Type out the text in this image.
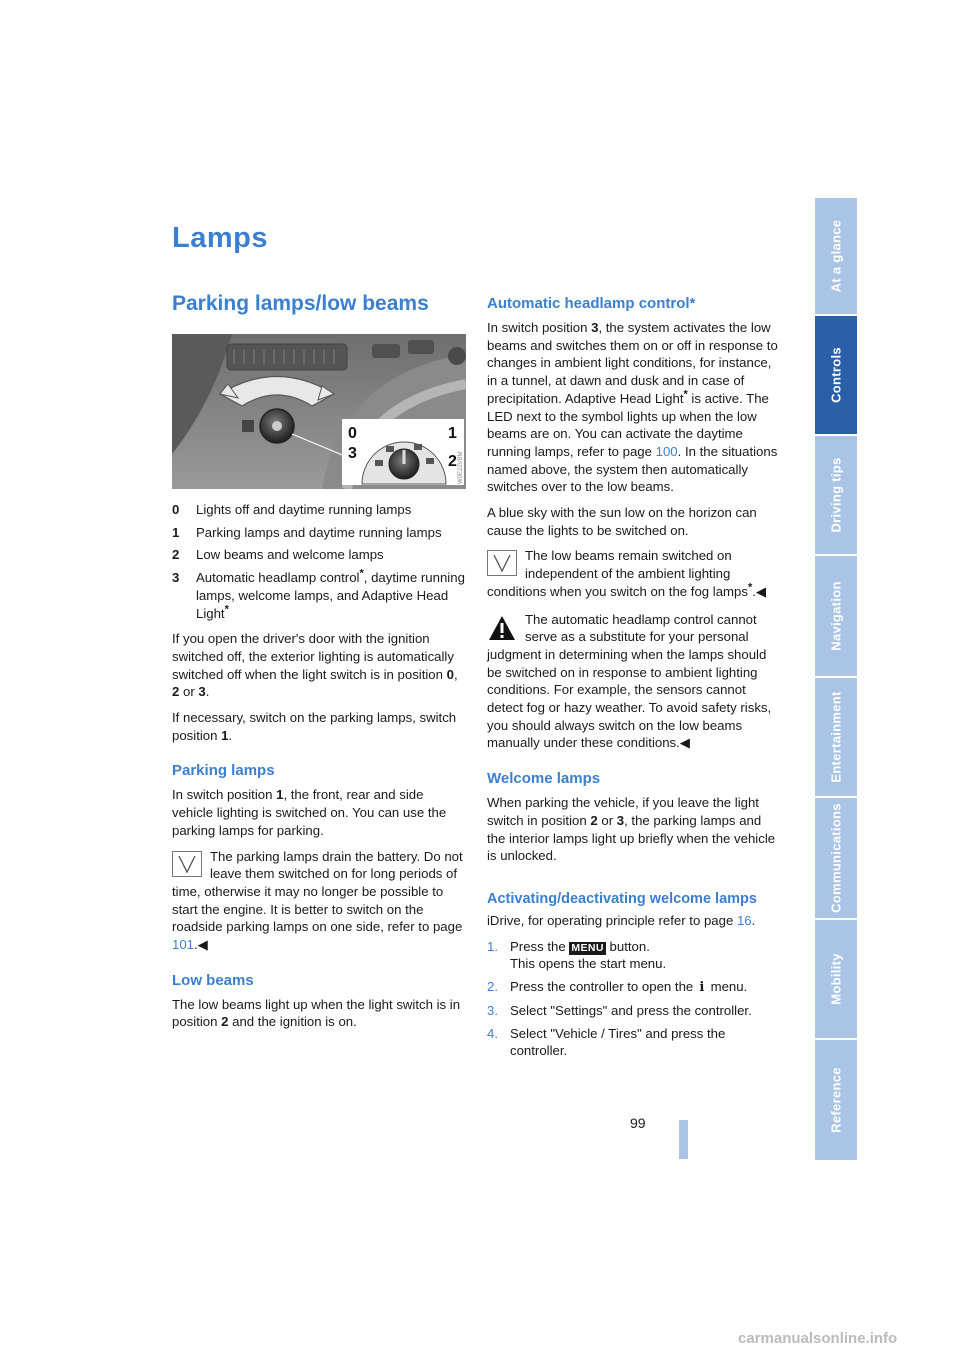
At a glance
Controls
Driving tips
Navigation
Entertainment
Communications
Mobility
Reference
Lamps
Parking lamps/low beams
0	1
3	2 W0E22VBM
0	Lights off and daytime running lamps
1	Parking lamps and daytime running lamps
2	Low beams and welcome lamps
3	Automatic headlamp control*, daytime running lamps, welcome lamps, and Adaptive Head Light*

If you open the driver's door with the ignition switched off, the exterior lighting is automatically switched off when the light switch is in position 0, 2 or 3.

If necessary, switch on the parking lamps, switch position 1.

Parking lamps

In switch position 1, the front, rear and side vehicle lighting is switched on. You can use the parking lamps for parking.

The parking lamps drain the battery. Do not leave them switched on for long periods of time, otherwise it may no longer be possible to start the engine. It is better to switch on the roadside parking lamps on one side, refer to page 101.◀
Low beams

The low beams light up when the light switch is in position 2 and the ignition is on.

Automatic headlamp control*

In switch position 3, the system activates the low beams and switches them on or off in response to changes in ambient light conditions, for instance, in a tunnel, at dawn and dusk and in case of precipitation. Adaptive Head Light* is active. The LED next to the symbol lights up when the low beams are on. You can activate the daytime running lamps, refer to page 100. In the situations named above, the system then automatically switches over to the low beams.

A blue sky with the sun low on the horizon can cause the lights to be switched on.

The low beams remain switched on independent of the ambient lighting conditions when you switch on the fog lamps*.◀
The automatic headlamp control cannot serve as a substitute for your personal judgment in determining when the lamps should be switched on in response to ambient lighting conditions. For example, the sensors cannot detect fog or hazy weather. To avoid safety risks, you should always switch on the low beams manually under these conditions.◀
Welcome lamps

When parking the vehicle, if you leave the light switch in position 2 or 3, the parking lamps and the interior lamps light up briefly when the vehicle is unlocked.

Activating/deactivating welcome lamps

iDrive, for operating principle refer to page 16.

1. Press the MENU button.
This opens the start menu.
2. Press the controller to open the i menu.
3. Select "Settings" and press the controller.
4. Select "Vehicle / Tires" and press the controller.
99
carmanualsonline.info
